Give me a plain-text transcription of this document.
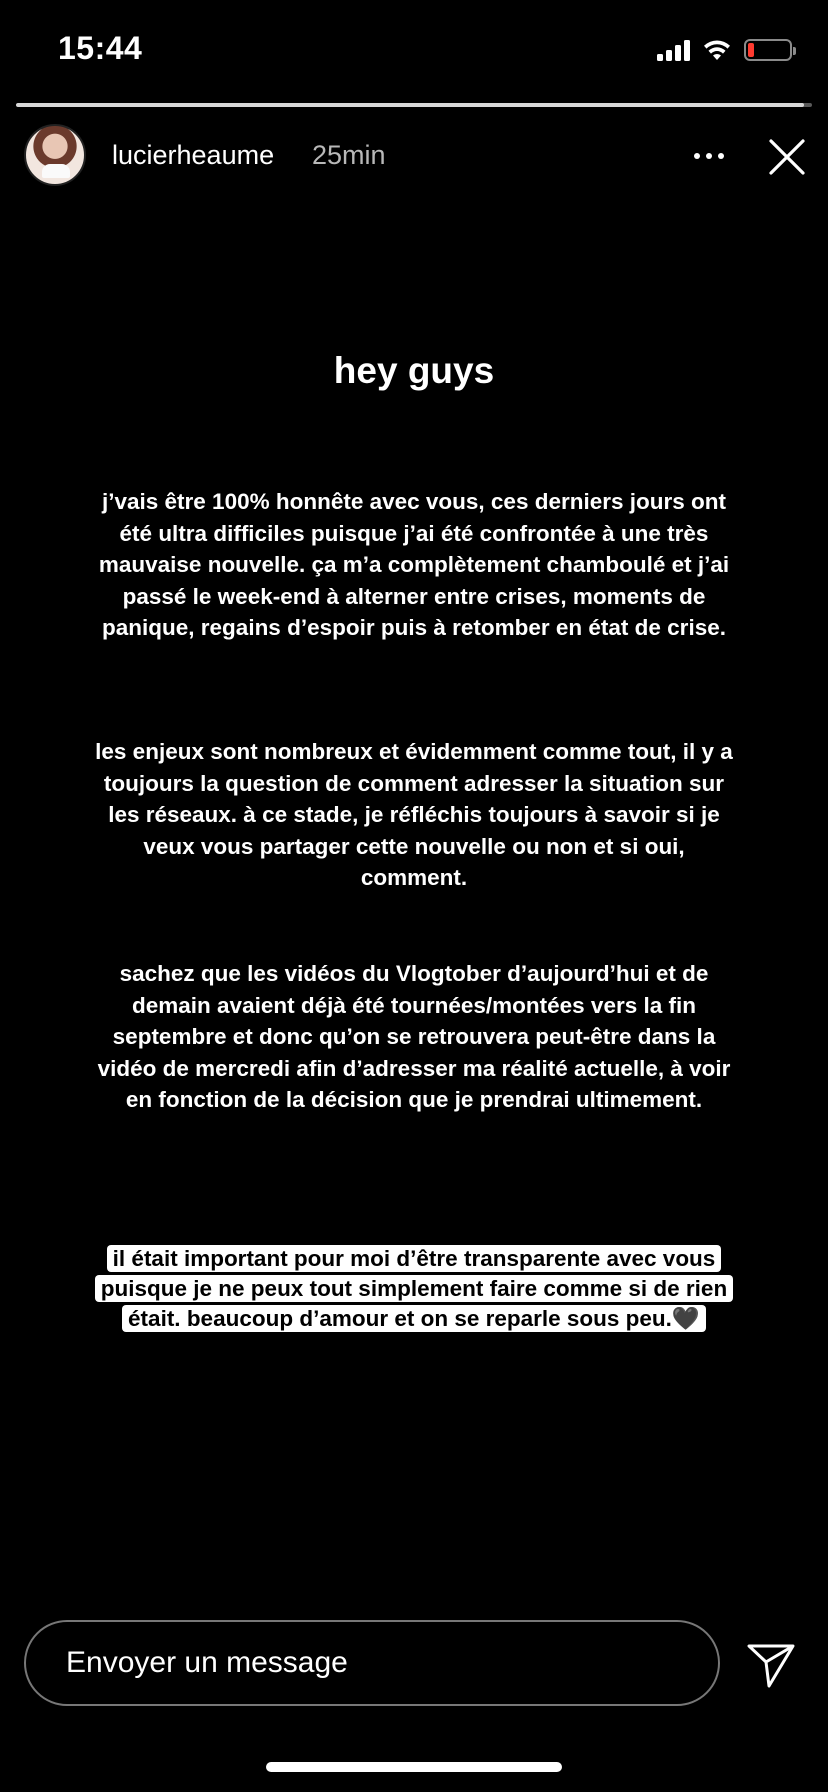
15:44
lucierheaume 25min
hey guys
j’vais être 100% honnête avec vous, ces derniers jours ont été ultra difficiles puisque j’ai été confrontée à une très mauvaise nouvelle. ça m’a complètement chamboulé et j’ai passé le week-end à alterner entre crises, moments de panique, regains d’espoir puis à retomber en état de crise.
les enjeux sont nombreux et évidemment comme tout, il y a toujours la question de comment adresser la situation sur les réseaux. à ce stade, je réfléchis toujours à savoir si je veux vous partager cette nouvelle ou non et si oui, comment.
sachez que les vidéos du Vlogtober d’aujourd’hui et de demain avaient déjà été tournées/montées vers la fin septembre et donc qu’on se retrouvera peut-être dans la vidéo de mercredi afin d’adresser ma réalité actuelle, à voir en fonction de la décision que je prendrai ultimement.
il était important pour moi d’être transparente avec vous puisque je ne peux tout simplement faire comme si de rien était. beaucoup d’amour et on se reparle sous peu.🖤
Envoyer un message
